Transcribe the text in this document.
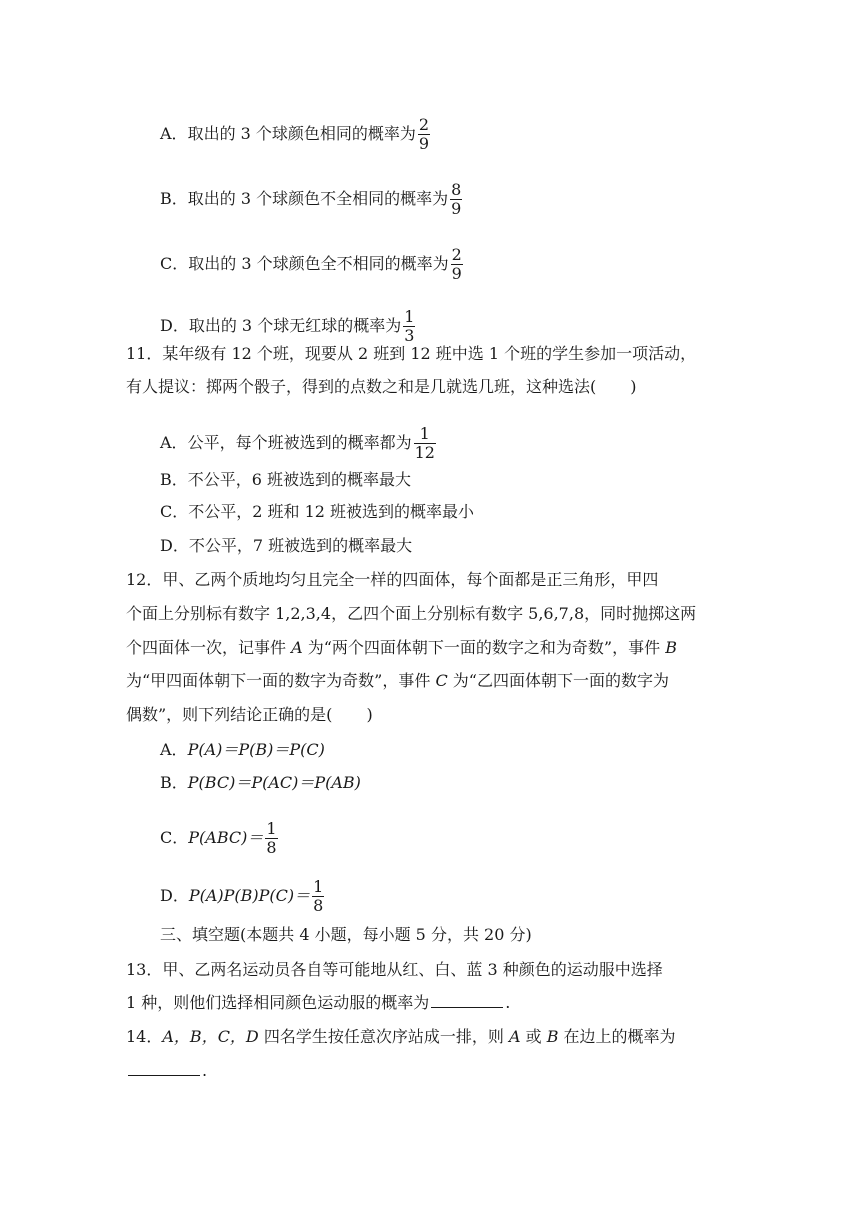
A．取出的 3 个球颜色相同的概率为 $\frac{2}{9}$
B．取出的 3 个球颜色不全相同的概率为 $\frac{8}{9}$
C．取出的 3 个球颜色全不相同的概率为 $\frac{2}{9}$
D．取出的 3 个球无红球的概率为 $\frac{1}{3}$
11．某年级有 12 个班，现要从 2 班到 12 班中选 1 个班的学生参加一项活动，
有人提议：掷两个骰子，得到的点数之和是几就选几班，这种选法( )
A．公平，每个班被选到的概率都为 $\frac{1}{12}$
B．不公平，6 班被选到的概率最大
C．不公平，2 班和 12 班被选到的概率最小
D．不公平，7 班被选到的概率最大
12．甲、乙两个质地均匀且完全一样的四面体，每个面都是正三角形，甲四
个面上分别标有数字 1,2,3,4，乙四个面上分别标有数字 5,6,7,8，同时抛掷这两
个四面体一次，记事件 A 为“两个四面体朝下一面的数字之和为奇数”，事件 B
为“甲四面体朝下一面的数字为奇数”，事件 C 为“乙四面体朝下一面的数字为
偶数”，则下列结论正确的是( )
A．P(A)＝P(B)＝P(C)
B．P(BC)＝P(AC)＝P(AB)
C．$P(ABC)= \frac{1}{8}$
D．$P(A)P(B)P(C)= \frac{1}{8}$
三、填空题(本题共 4 小题，每小题 5 分，共 20 分)
13．甲、乙两名运动员各自等可能地从红、白、蓝 3 种颜色的运动服中选择
1 种，则他们选择相同颜色运动服的概率为	.
14．A，B，C，D 四名学生按任意次序站成一排，则 A 或 B 在边上的概率为
.
